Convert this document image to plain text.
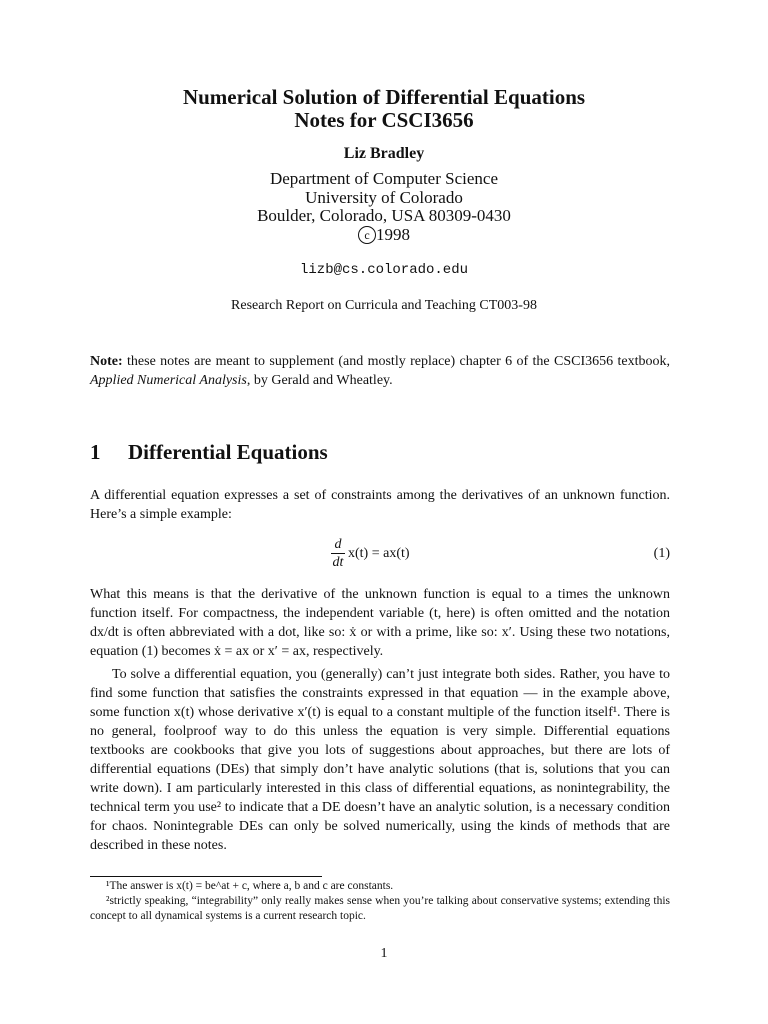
Numerical Solution of Differential Equations
Notes for CSCI3656
Liz Bradley
Department of Computer Science
University of Colorado
Boulder, Colorado, USA 80309-0430
c 1998
lizb@cs.colorado.edu
Research Report on Curricula and Teaching CT003-98
Note: these notes are meant to supplement (and mostly replace) chapter 6 of the CSCI3656 textbook, Applied Numerical Analysis, by Gerald and Wheatley.
1 Differential Equations
A differential equation expresses a set of constraints among the derivatives of an unknown function. Here’s a simple example:
$\frac{d}{dt} x(t) = ax(t)$	(1)
What this means is that the derivative of the unknown function is equal to a times the unknown function itself. For compactness, the independent variable (t, here) is often omitted and the notation dx/dt is often abbreviated with a dot, like so: ẋ or with a prime, like so: x′. Using these two notations, equation (1) becomes ẋ = ax or x′ = ax, respectively.
To solve a differential equation, you (generally) can’t just integrate both sides. Rather, you have to find some function that satisfies the constraints expressed in that equation — in the example above, some function x(t) whose derivative x′(t) is equal to a constant multiple of the function itself¹. There is no general, foolproof way to do this unless the equation is very simple. Differential equations textbooks are cookbooks that give you lots of suggestions about approaches, but there are lots of differential equations (DEs) that simply don’t have analytic solutions (that is, solutions that you can write down). I am particularly interested in this class of differential equations, as nonintegrability, the technical term you use² to indicate that a DE doesn’t have an analytic solution, is a necessary condition for chaos. Nonintegrable DEs can only be solved numerically, using the kinds of methods that are described in these notes.
¹The answer is x(t) = be^at + c, where a, b and c are constants.
²strictly speaking, “integrability” only really makes sense when you’re talking about conservative systems; extending this concept to all dynamical systems is a current research topic.
1
